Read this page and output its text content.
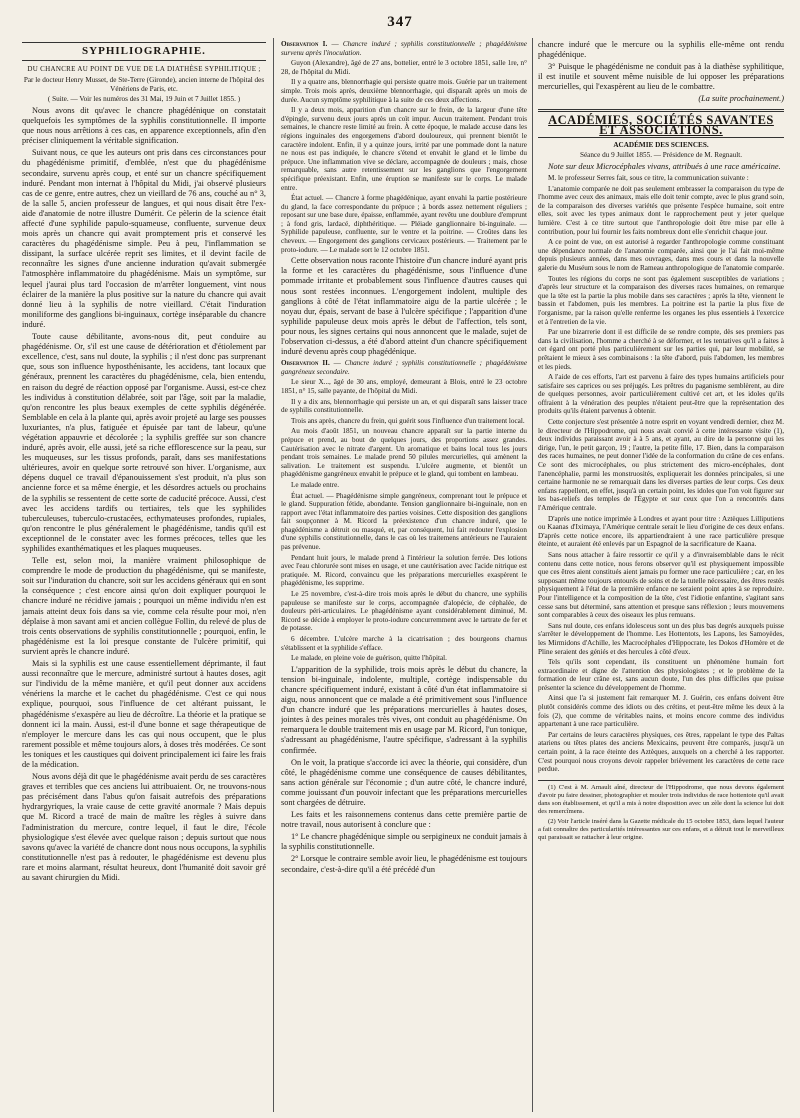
347

SYPHILIOGRAPHIE.

DU CHANCRE AU POINT DE VUE DE LA DIATHÈSE SYPHILITIQUE ;

Par le docteur Henry Musset, de Ste-Terre (Gironde), ancien interne de l'hôpital des Vénériens de Paris, etc.

( Suite. — Voir les numéros des 31 Mai, 19 Juin et 7 Juillet 1855. )

Nous avons dit qu'avec le chancre phagédénique on constatait quelquefois les symptômes de la syphilis constitutionnelle. Il importe que nous nous arrêtions à ces cas, en apparence exceptionnels, afin d'en préciser cliniquement la véritable signification.

Suivant nous, ce que les auteurs ont pris dans ces circonstances pour du phagédénisme primitif, d'emblée, n'est que du phagédénisme secondaire, survenu après coup, et enté sur un chancre spécifiquement induré. Pendant mon internat à l'hôpital du Midi, j'ai observé plusieurs cas de ce genre, entre autres, chez un vieillard de 76 ans, couché au n° 3, de la salle 5, ancien professeur de langues, et qui nous disait être l'ex-aide d'anatomie de notre illustre Dumérit. Ce pèlerin de la science était affecté d'une syphilide papulo-squameuse, confluente, survenue deux mois après un chancre qui avait promptement pris et conservé les caractères du phagédénisme simple. Peu à peu, l'inflammation se dissipant, la surface ulcérée reprit ses limites, et il devint facile de reconnaître les signes d'une ancienne induration qu'avait submergée l'atmosphère inflammatoire du phagédénisme. Mais un symptôme, sur lequel j'aurai plus tard l'occasion de m'arrêter longuement, vint nous éclairer de la manière la plus positive sur la nature du chancre qui avait donné lieu à la syphilis de notre vieillard. C'était l'induration moniliforme des ganglions bi-inguinaux, cortège inséparable du chancre induré.

Toute cause débilitante, avons-nous dit, peut conduire au phagédénisme. Or, s'il est une cause de détérioration et d'étiolement par excellence, c'est, sans nul doute, la syphilis ; il n'est donc pas surprenant que, sous son influence hyposthénisante, les accidens, tant locaux que généraux, prennent les caractères du phagédénisme, cela, bien entendu, en raison du degré de réaction opposé par l'organisme. Aussi, est-ce chez les individus à constitution délabrée, soit par l'âge, soit par la maladie, qu'on rencontre les plus beaux exemples de cette syphilis dégénérée. Semblable en cela à la plante qui, après avoir projeté au large ses pousses luxuriantes, n'a plus, fatiguée et épuisée par tant de labeur, qu'une végétation appauvrie et décolorée ; la syphilis greffée sur son chancre induré, après avoir, elle aussi, jeté sa riche efflorescence sur la peau, sur les muqueuses, sur les tissus profonds, paraît, dans ses manifestations ultérieures, avoir en quelque sorte retrouvé son hiver. L'organisme, aux dépens duquel ce travail d'épanouissement s'est produit, n'a plus son ancienne force et sa même énergie, et les désordres actuels ou prochains de la syphilis se ressentent de cette sorte de caducité précoce. Aussi, c'est avec les accidens tardifs ou tertiaires, tels que les syphilides tuberculeuses, tuberculo-crustacées, ecthymateuses profondes, rupiales, qu'on rencontre le plus généralement le phagédénisme, tandis qu'il est exceptionnel de le constater avec les formes précoces, telles que les syphilides exanthématiques et les plaques muqueuses.

Telle est, selon moi, la manière vraiment philosophique de comprendre le mode de production du phagédénisme, qui se manifeste, soit sur l'induration du chancre, soit sur les accidens généraux qui en sont la conséquence ; c'est encore ainsi qu'on doit expliquer pourquoi le chancre induré ne récidive jamais ; pourquoi un même individu n'en est jamais atteint deux fois dans sa vie, comme cela résulte pour moi, n'en déplaise à mon savant ami et ancien collègue Follin, du relevé de plus de trois cents observations de syphilis constitutionnelle ; pourquoi, enfin, le phagédénisme est la loi presque constante de l'ulcère primitif, qui survient après le chancre induré.

Mais si la syphilis est une cause essentiellement déprimante, il faut aussi reconnaître que le mercure, administré surtout à hautes doses, agit sur l'individu de la même manière, et qu'il peut donner aux accidens vénériens la marche et le cachet du phagédénisme. C'est ce qui nous explique, pourquoi, sous l'influence de cet altérant puissant, le phagédénisme s'exaspère au lieu de décroître. La théorie et la pratique se donnent ici la main. Aussi, est-il d'une bonne et sage thérapeutique de n'employer le mercure dans les cas qui nous occupent, que le plus rarement possible et même toujours alors, à doses très modérées. Ce sont les toniques et les caustiques qui doivent principalement ici faire les frais de la médication.

Nous avons déjà dit que le phagédénisme avait perdu de ses caractères graves et terribles que ces anciens lui attribuaient. Or, ne trouvons-nous pas précisément dans l'abus qu'on faisait autrefois des préparations hydrargyriques, la vraie cause de cette gravité anormale ? Mais depuis que M. Ricord a tracé de main de maître les règles à suivre dans l'administration du mercure, contre lequel, il faut le dire, l'école physiologique s'est élevée avec quelque raison ; depuis surtout que nous savons qu'avec la variété de chancre dont nous nous occupons, la syphilis constitutionnelle n'est pas à redouter, le phagédénisme est devenu plus rare et moins alarmant, résultat heureux, dont l'humanité doit savoir gré au savant chirurgien du Midi.

Observation I. — Chancre induré ; syphilis constitutionnelle ; phagédénisme survenu après l'inoculation.

Guyon (Alexandre), âgé de 27 ans, bottelier, entré le 3 octobre 1851, salle 1re, n° 28, de l'hôpital du Midi.

Il y a quatre ans, blennorrhagie qui persiste quatre mois. Guérie par un traitement simple. Trois mois après, deuxième blennorrhagie, qui disparaît après un mois de durée. Aucun symptôme syphilitique à la suite de ces deux affections.

Il y a deux mois, apparition d'un chancre sur le frein, de la largeur d'une tête d'épingle, survenu deux jours après un coït impur. Aucun traitement. Pendant trois semaines, le chancre reste limité au frein. À cette époque, le malade accuse dans les régions inguinales des engorgemens d'abord douloureux, qui prennent bientôt le caractère indolent. Enfin, il y a quinze jours, irrité par une pommade dont la nature ne nous est pas indiquée, le chancre s'étend et envahit le gland et le limbe du prépuce. Une inflammation vive se déclare, accompagnée de douleurs ; mais, chose remarquable, sans autre retentissement sur les ganglions que l'engorgement spécifique préexistant. Enfin, une éruption se manifeste sur le corps. Le malade entre.

État actuel. — Chancre à forme phagédénique, ayant envahi la partie postérieure du gland, la face correspondante du prépuce ; à bords assez nettement réguliers ; reposant sur une base dure, épaisse, enflammée, ayant revêtu une doublure d'emprunt ; à fond gris, lardacé, diphthéritique. — Pléiade ganglionnaire bi-inguinale. — Syphilide papuleuse, confluente, sur le ventre et la poitrine. — Croûtes dans les cheveux. — Engorgement des ganglions cervicaux postérieurs. — Traitement par le proto-iodure. — Le malade sort le 12 octobre 1851.

Cette observation nous raconte l'histoire d'un chancre induré ayant pris la forme et les caractères du phagédénisme, sous l'influence d'une pommade irritante et probablement sous l'influence d'autres causes qui nous sont restées inconnues. L'engorgement indolent, multiple des ganglions à côté de l'état inflammatoire aigu de la partie ulcérée ; le noyau dur, épais, servant de base à l'ulcère spécifique ; l'apparition d'une syphilide papuleuse deux mois après le début de l'affection, tels sont, pour nous, les signes certains qui nous annoncent que le malade, sujet de l'observation ci-dessus, a été d'abord atteint d'un chancre spécifiquement induré devenu après coup phagédénique.

Observation II. — Chancre induré ; syphilis constitutionnelle ; phagédénisme gangréneux secondaire.

Le sieur X..., âgé de 30 ans, employé, demeurant à Blois, entré le 23 octobre 1851, n° 15, salle payante, de l'hôpital du Midi.

Il y a dix ans, blennorrhagie qui persiste un an, et qui disparaît sans laisser trace de syphilis constitutionnelle.

Trois ans après, chancre du frein, qui guérit sous l'influence d'un traitement local.

Au mois d'août 1851, un nouveau chancre apparaît sur la partie interne du prépuce et prend, au bout de quelques jours, des proportions assez grandes. Cautérisation avec le nitrate d'argent. Un aromatique et bains local tous les jours pendant trois semaines. Le malade prend 50 pilules mercurielles, qui amènent la salivation. Le traitement est suspendu. L'ulcère augmente, et bientôt un phagédénisme gangréneux envahit le prépuce et le gland, qui tombent en lambeau.

Le malade entre.

État actuel. — Phagédénisme simple gangréneux, comprenant tout le prépuce et le gland. Suppuration fétide, abondante. Tension ganglionnaire bi-inguinale, non en rapport avec l'état inflammatoire des parties voisines. Cette disposition des ganglions fait soupçonner à M. Ricord la préexistence d'un chancre induré, que le phagédénisme a détruit ou masqué, et, par conséquent, lui fait redouter l'explosion d'une syphilis constitutionnelle, dans le cas où les traitemens antérieurs ne l'auraient pas prévenue.

Pendant huit jours, le malade prend à l'intérieur la solution ferrée. Des lotions avec l'eau chlorurée sont mises en usage, et une cautérisation avec l'acide nitrique est pratiquée. M. Ricord, convaincu que les préparations mercurielles exaspèrent le phagédénisme, les supprime.

Le 25 novembre, c'est-à-dire trois mois après le début du chancre, une syphilis papuleuse se manifeste sur le corps, accompagnée d'alopécie, de céphalée, de douleurs péri-articulaires. Le phagédénisme ayant considérablement diminué, M. Ricord se décide à employer le proto-iodure concurremment avec le tartrate de fer et de potasse.

6 décembre. L'ulcère marche à la cicatrisation ; des bourgeons charnus s'établissent et la syphilide s'efface.

Le malade, en pleine voie de guérison, quitte l'hôpital.

L'apparition de la syphilide, trois mois après le début du chancre, la tension bi-inguinale, indolente, multiple, cortège indispensable du chancre spécifiquement induré, existant à côté d'un état inflammatoire si aigu, nous annoncent que ce malade a été primitivement sous l'influence d'un chancre induré que les préparations mercurielles à hautes doses, jointes à des peines morales très vives, ont conduit au phagédénisme. On remarquera le double traitement mis en usage par M. Ricord, l'un tonique, s'adressant au phagédénisme, l'autre spécifique, s'adressant à la syphilis confirmée.

On le voit, la pratique s'accorde ici avec la théorie, qui considère, d'un côté, le phagédénisme comme une conséquence de causes débilitantes, sans action générale sur l'économie ; d'un autre côté, le chancre induré, comme jouissant d'un pouvoir infectant que les préparations mercurielles sont chargées de détruire.

Les faits et les raisonnemens contenus dans cette première partie de notre travail, nous autorisent à conclure que :

1° Le chancre phagédénique simple ou serpigineux ne conduit jamais à la syphilis constitutionnelle.

2° Lorsque le contraire semble avoir lieu, le phagédénisme est toujours secondaire, c'est-à-dire qu'il a été précédé d'un

chancre induré que le mercure ou la syphilis elle-même ont rendu phagédénique.

3° Puisque le phagédénisme ne conduit pas à la diathèse syphilitique, il est inutile et souvent même nuisible de lui opposer les préparations mercurielles, qui l'exaspèrent au lieu de le combattre.

(La suite prochainement.)

ACADÉMIES, SOCIÉTÉS SAVANTES ET ASSOCIATIONS.

ACADÉMIE DES SCIENCES.

Séance du 9 Juillet 1855. — Présidence de M. Regnault.

Note sur deux Microcéphales vivans, attribués à une race américaine.

M. le professeur Serres fait, sous ce titre, la communication suivante :

L'anatomie comparée ne doit pas seulement embrasser la comparaison du type de l'homme avec ceux des animaux, mais elle doit tenir compte, avec le plus grand soin, de la comparaison des diverses variétés que présente l'espèce humaine, soit entre elles, soit avec les types animaux dont le rapprochement peut y jeter quelque lumière. C'est à ce titre surtout que l'anthropologie doit être mise par elle à contribution, pour lui fournir les faits nombreux dont elle s'enrichit chaque jour.

A ce point de vue, on est autorisé à regarder l'anthropologie comme constituant une dépendance normale de l'anatomie comparée, ainsi que je l'ai fait moi-même depuis plusieurs années, dans mes ouvrages, dans mes cours et dans la nouvelle galerie du Muséum sous le nom de Rameau anthropologique de l'anatomie comparée.

Toutes les régions du corps ne sont pas également susceptibles de variations ; d'après leur structure et la comparaison des diverses races humaines, on remarque que la tête est la partie la plus mobile dans ses caractères ; après la tête, viennent le bassin et l'abdomen, puis les membres. La poitrine est la partie la plus fixe de l'organisme, par la raison qu'elle renferme les organes les plus essentiels à l'exercice et à l'entretien de la vie.

Par une bizarrerie dont il est difficile de se rendre compte, dès ses premiers pas dans la civilisation, l'homme a cherché à se déformer, et les tentatives qu'il a faites à cet égard ont porté plus particulièrement sur les parties qui, par leur mobilité, se prêtaient le mieux à ses combinaisons : la tête d'abord, puis l'abdomen, les membres et les pieds.

A l'aide de ces efforts, l'art est parvenu à faire des types humains artificiels pour satisfaire ses caprices ou ses préjugés. Les prêtres du paganisme semblèrent, au dire de quelques personnes, avoir particulièrement cultivé cet art, et les idoles qu'ils offraient à la vénération des peuples n'étaient peut-être que la représentation des produits qu'ils étaient parvenus à obtenir.

Cette conjecture s'est présentée à notre esprit en voyant vendredi dernier, chez M. le directeur de l'Hippodrome, qui nous avait convié à cette intéressante visite (1), deux individus paraissant avoir à à 5 ans, et ayant, au dire de la personne qui les dirige, l'un, le petit garçon, 19 ; l'autre, la petite fille, 17. Bien, dans la comparaison des races humaines, ne peut donner l'idée de la conformation du crâne de ces enfans. Ce sont des microcéphales, ou plus strictement des micro-encéphales, dont l'anencéphalie, parmi les monstruosités, expliquerait les données principales, si une certaine harmonie ne se remarquait dans les diverses parties de leur corps. Ces deux enfans rappellent, en effet, jusqu'à un certain point, les idoles que l'on voit figurer sur les bas-reliefs des temples de l'Égypte et sur ceux que l'on a rencontrés dans l'Amérique centrale.

D'après une notice imprimée à Londres et ayant pour titre : Aztèques Lilliputiens ou Kaanas d'Iximaya, l'Amérique centrale serait le lieu d'origine de ces deux enfans. D'après cette notice encore, ils appartiendraient à une race particulière presque éteinte, et auraient été enlevés par un Espagnol de la sacrificature de Kaana.

Sans nous attacher à faire ressortir ce qu'il y a d'invraisemblable dans le récit contenu dans cette notice, nous ferons observer qu'il est physiquement impossible que ces êtres aient constitués aient jamais pu former une race particulière ; car, en les supposant même toujours entourés de soins et de la tutelle nécessaire, des êtres restés physiquement à l'état de la première enfance ne seraient point aptes à se reproduire. Pour l'intelligence et la composition de la tête, c'est l'idiotie enfantine, s'agitant sans cesse sans but déterminé, sans attention et presque sans réflexion ; leurs mouvemens sont comparables à ceux des oiseaux les plus remuans.

Sans nul doute, ces enfans idolesceus sont un des plus bas degrés auxquels puisse s'arrêter le développement de l'homme. Les Hottentots, les Lapons, les Samoyèdes, les Mirmidons d'Achille, les Macrocéphales d'Hippocrate, les Dokos d'Homère et de Pline seraient des géniés et des hercules à côté d'eux.

Tels qu'ils sont cependant, ils constituent un phénomène humain fort extraordinaire et digne de l'attention des physiologistes ; et le problème de la formation de leur crâne est, sans aucun doute, l'un des plus difficiles que puisse présenter la science du développement de l'homme.

Ainsi que l'a si justement fait remarquer M. J. Guérin, ces enfans doivent être plutôt considérés comme des idiots ou des crétins, et peut-être même les deux à la fois (2), que comme de véritables nains, et moins encore comme des individus appartenant à une race particulière.

Par certains de leurs caractères physiques, ces êtres, rappelant le type des Paltas atariens ou têtes plates des anciens Mexicains, peuvent être comparés, jusqu'à un certain point, à la race éteinte des Aztèques, auxquels on a cherché à les rapporter. C'est pourquoi nous croyons devoir rappeler brièvement les caractères de cette race perdue.

(1) C'est à M. Arnault aîné, directeur de l'Hippodrome, que nous devons également d'avoir pu faire dessiner, photographier et mouler trois individus de race hottentote qu'il avait dans son établissement, et qu'il a mis à notre disposition avec un zèle dont la science lui doit des remercîmens.

(2) Voir l'article inséré dans la Gazette médicale du 15 octobre 1853, dans lequel l'auteur a fait connaître des particularités intéressantes sur ces enfans, et a détruit tout le merveilleux qui paraissait se rattacher à leur origine.
